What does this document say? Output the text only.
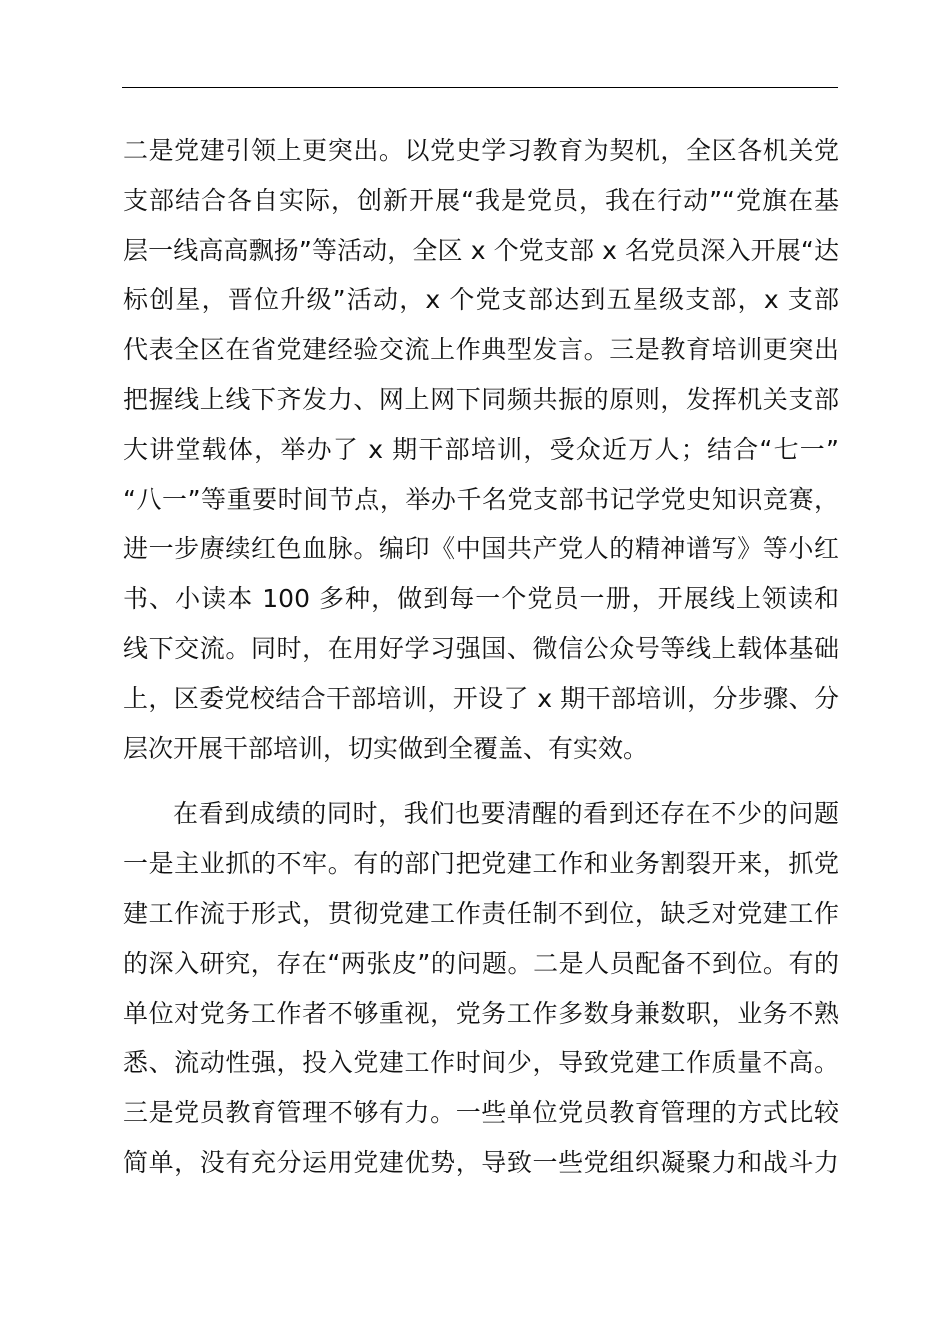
二是党建引领上更突出。以党史学习教育为契机，全区各机关党
支部结合各自实际，创新开展“我是党员，我在行动”“党旗在基
层一线高高飘扬”等活动，全区 x 个党支部 x 名党员深入开展“达
标创星，晋位升级”活动，x 个党支部达到五星级支部，x 支部
代表全区在省党建经验交流上作典型发言。三是教育培训更突出
把握线上线下齐发力、网上网下同频共振的原则，发挥机关支部
大讲堂载体，举办了 x 期干部培训，受众近万人；结合“七一”
“八一”等重要时间节点，举办千名党支部书记学党史知识竞赛，
进一步赓续红色血脉。编印《中国共产党人的精神谱写》等小红
书、小读本 100 多种，做到每一个党员一册，开展线上领读和
线下交流。同时，在用好学习强国、微信公众号等线上载体基础
上，区委党校结合干部培训，开设了 x 期干部培训，分步骤、分
层次开展干部培训，切实做到全覆盖、有实效。
在看到成绩的同时，我们也要清醒的看到还存在不少的问题
一是主业抓的不牢。有的部门把党建工作和业务割裂开来，抓党
建工作流于形式，贯彻党建工作责任制不到位，缺乏对党建工作
的深入研究，存在“两张皮”的问题。二是人员配备不到位。有的
单位对党务工作者不够重视，党务工作多数身兼数职，业务不熟
悉、流动性强，投入党建工作时间少，导致党建工作质量不高。
三是党员教育管理不够有力。一些单位党员教育管理的方式比较
简单，没有充分运用党建优势，导致一些党组织凝聚力和战斗力
